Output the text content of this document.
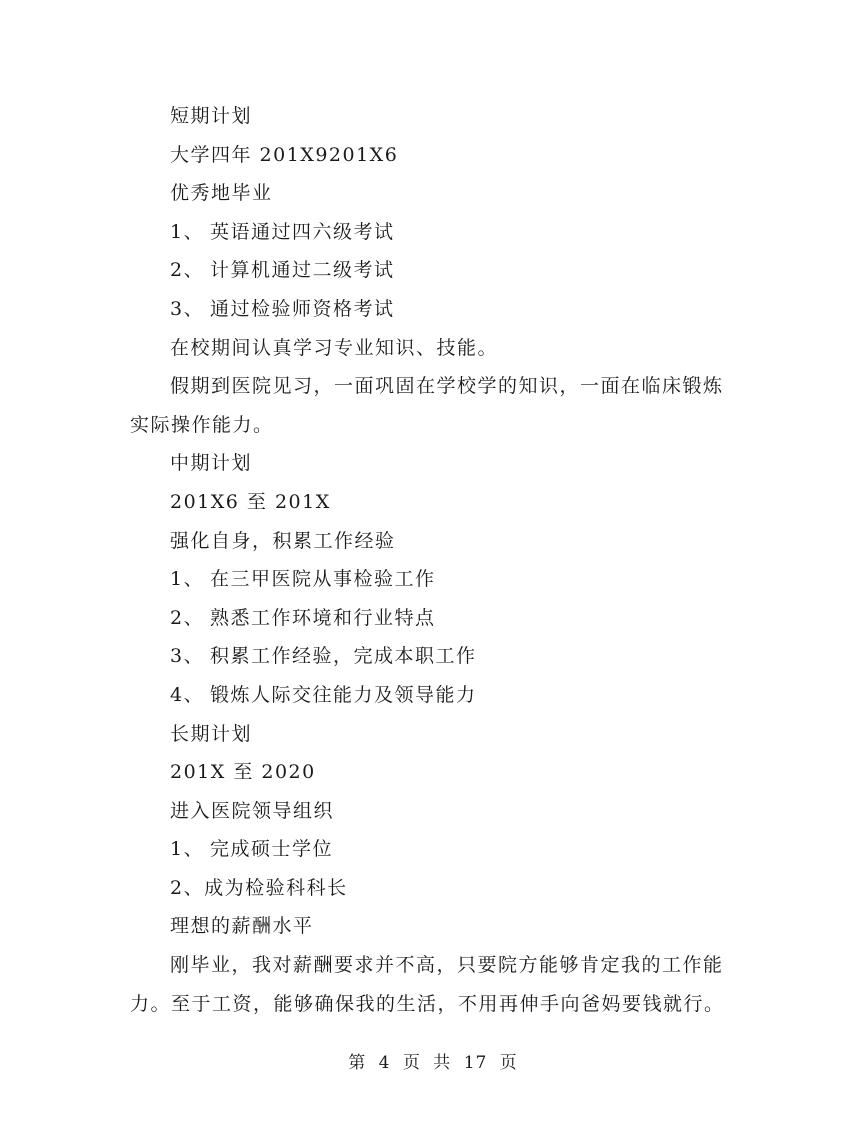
短期计划
大学四年 201X9201X6
优秀地毕业
1、 英语通过四六级考试
2、 计算机通过二级考试
3、 通过检验师资格考试
在校期间认真学习专业知识、技能。
假期到医院见习，一面巩固在学校学的知识，一面在临床锻炼实际操作能力。
中期计划
201X6 至 201X
强化自身，积累工作经验
1、 在三甲医院从事检验工作
2、 熟悉工作环境和行业特点
3、 积累工作经验，完成本职工作
4、 锻炼人际交往能力及领导能力
长期计划
201X 至 2020
进入医院领导组织
1、 完成硕士学位
2、成为检验科科长
理想的薪酬水平
刚毕业，我对薪酬要求并不高，只要院方能够肯定我的工作能力。至于工资，能够确保我的生活，不用再伸手向爸妈要钱就行。
第 4 页 共 17 页
